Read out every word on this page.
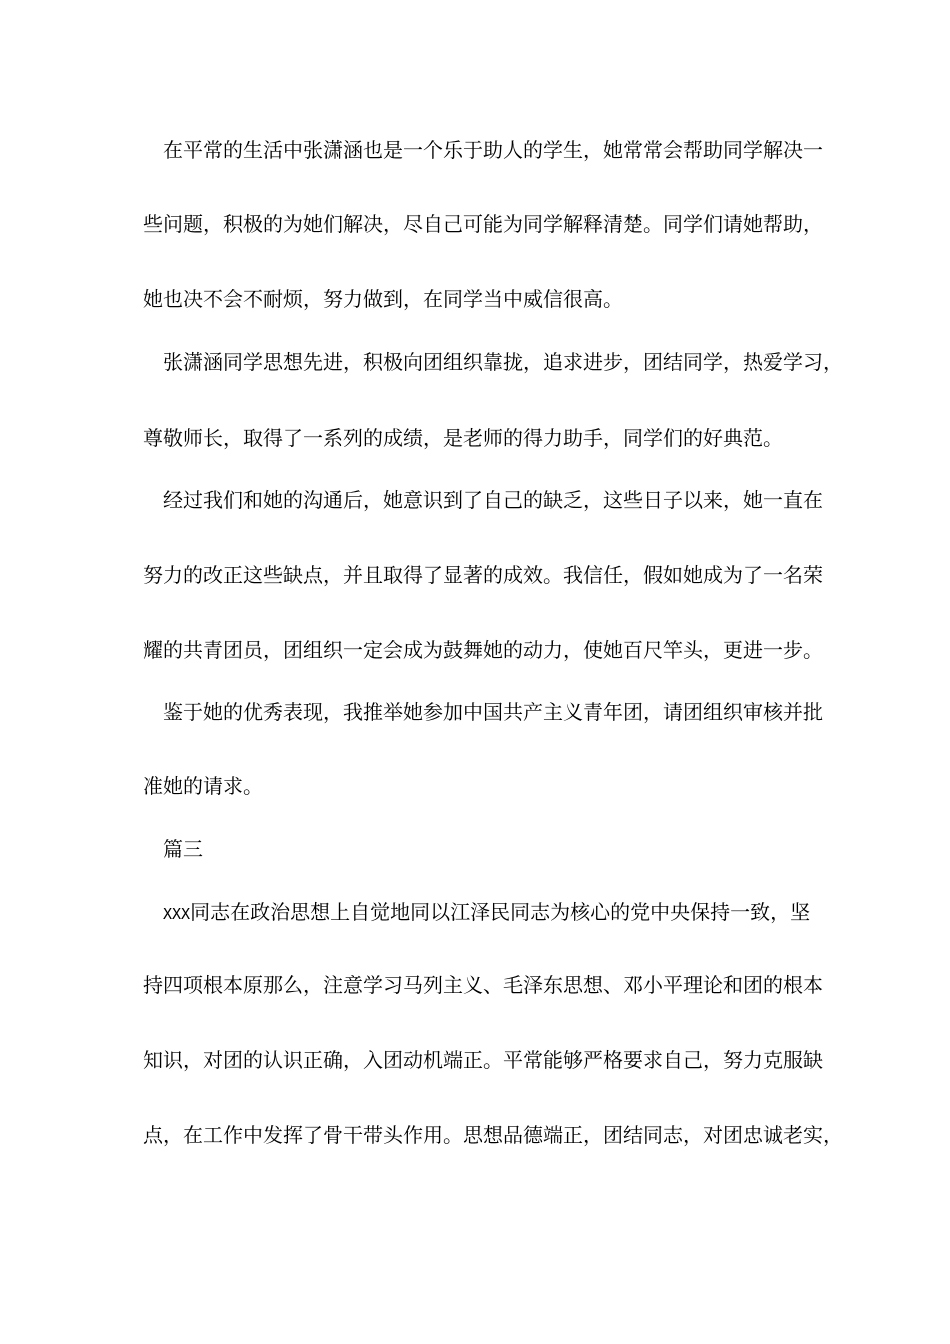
在平常的生活中张潇涵也是一个乐于助人的学生，她常常会帮助同学解决一
些问题，积极的为她们解决，尽自己可能为同学解释清楚。同学们请她帮助，
她也决不会不耐烦，努力做到，在同学当中威信很高。
张潇涵同学思想先进，积极向团组织靠拢，追求进步，团结同学，热爱学习，
尊敬师长，取得了一系列的成绩，是老师的得力助手，同学们的好典范。
经过我们和她的沟通后，她意识到了自己的缺乏，这些日子以来，她一直在
努力的改正这些缺点，并且取得了显著的成效。我信任，假如她成为了一名荣
耀的共青团员，团组织一定会成为鼓舞她的动力，使她百尺竿头，更进一步。
鉴于她的优秀表现，我推举她参加中国共产主义青年团，请团组织审核并批
准她的请求。
篇三
XXX同志在政治思想上自觉地同以江泽民同志为核心的党中央保持一致，坚
持四项根本原那么，注意学习马列主义、毛泽东思想、邓小平理论和团的根本
知识，对团的认识正确，入团动机端正。平常能够严格要求自己，努力克服缺
点，在工作中发挥了骨干带头作用。思想品德端正，团结同志，对团忠诚老实，
